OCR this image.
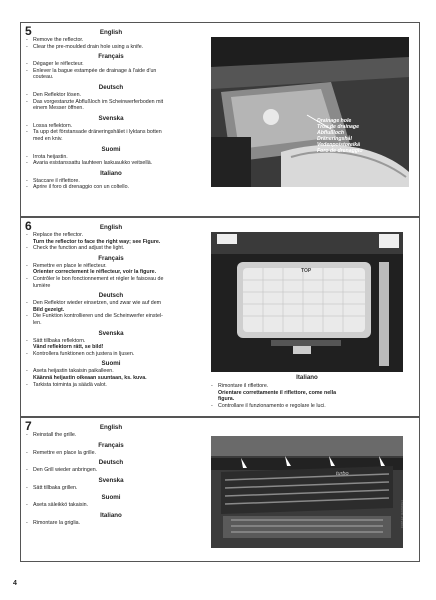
5	English
- Remove the reflector.
- Clear the pre-moulded drain hole using a knife.
Français
- Dégager le réflecteur.
- Enlever la bague estampée de drainage à l'aide d'un
couteau.
Deutsch
- Den Reflektor lösen.
- Das vorgestanzte Abflußloch im Scheinwerferboden mit
einem Messer öffnen.
Svenska
- Lossa reflektorn.
- Ta upp det förstansade dräneringshålet i lyktans botten
med en kniv.
Suomi
- Irrota heijastin.
- Avaria esistanssattu lauhteen laskuaukko veitsellä.
Italiano
- Staccare il riflettore.
- Aprire il foro di drenaggio con un coltello.
Drainage hole
Trou de drainage
Abflußloch
Dräneringshål
Vedenpoistoreikä
Foro de drenaggio
6	English
- Replace the reflector.
Turn the reflector to face the right way; see Figure.
- Check the function and adjust the light.
Français
- Remettre en place le réflecteur.
Orienter correctement le réflecteur, voir la figure.
- Contrôler le bon fonctionnement et régler le faisceau de
lumière
Deutsch
- Den Reflektor wieder einsetzen, und zwar wie auf dem
Bild gezeigt.
- Die Funktion kontrollieren und die Scheinwerfer einstel-
len.
Svenska
- Sätt tillbaka reflektorn.
Vänd reflektorn rätt, se bild!
- Kontrollera funktionen och justera in ljusen.
Suomi
- Aseta heijastin takaisin paikalleen.
Käännä heijastin oikeaan suuntaan, ks. kuva.
- Tarkista toiminta ja säädä valot.
TOP
Italiano
- Rimontare il riflettore.
Orientare correttamente il riflettore, come nella
figura.
- Controllare il funzionamento e regolare le luci.
7	English
- Reinstall the grille.
Français
- Remettre en place la grille.
Deutsch
- Den Grill wieder anbringen.
Svenska
- Sätt tillbaka grillen.
Suomi
- Aseta säleikkö takaisin.
Italiano
- Rimontare la griglia.
turbo
4
CAPA EP 1E0206/1E1
